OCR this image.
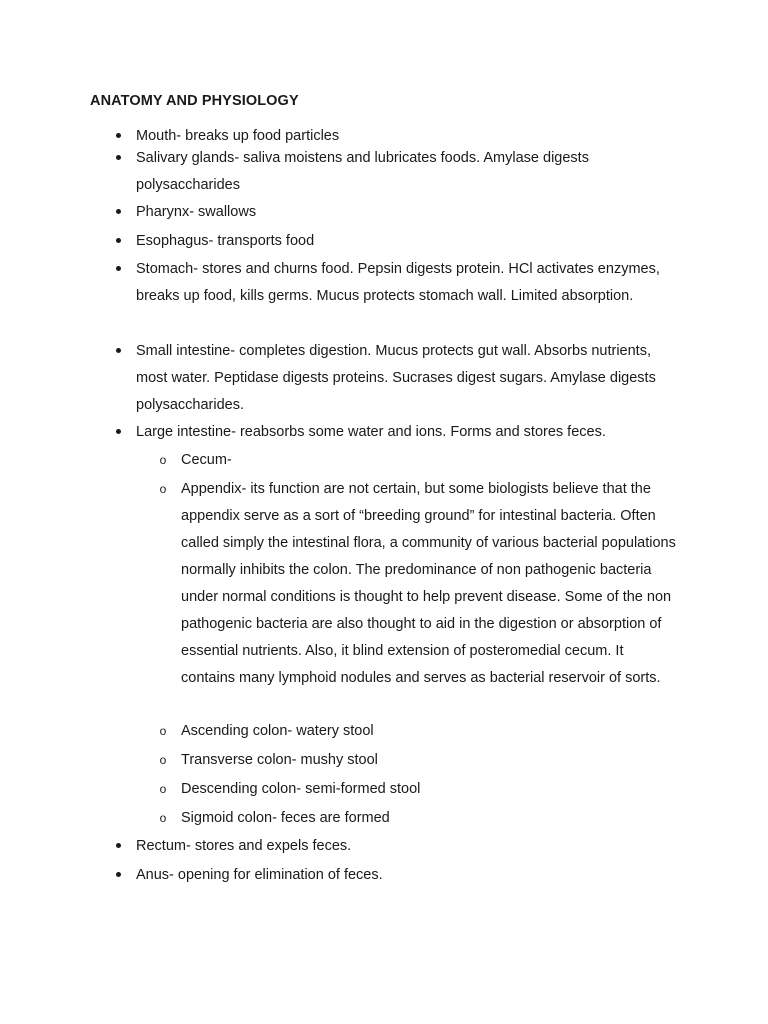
ANATOMY AND PHYSIOLOGY
Mouth- breaks up food particles
Salivary glands- saliva moistens and lubricates foods. Amylase digests polysaccharides
Pharynx- swallows
Esophagus- transports food
Stomach- stores and churns food. Pepsin digests protein. HCl activates enzymes, breaks up food, kills germs. Mucus protects stomach wall. Limited absorption.
Small intestine- completes digestion. Mucus protects gut wall. Absorbs nutrients, most water. Peptidase digests proteins. Sucrases digest sugars. Amylase digests polysaccharides.
Large intestine- reabsorbs some water and ions. Forms and stores feces.
o Cecum-
o Appendix- its function are not certain, but some biologists believe that the appendix serve as a sort of “breeding ground” for intestinal bacteria. Often called simply the intestinal flora, a community of various bacterial populations normally inhibits the colon. The predominance of non pathogenic bacteria under normal conditions is thought to help prevent disease. Some of the non pathogenic bacteria are also thought to aid in the digestion or absorption of essential nutrients. Also, it blind extension of posteromedial cecum. It contains many lymphoid nodules and serves as bacterial reservoir of sorts.
o Ascending colon- watery stool
o Transverse colon- mushy stool
o Descending colon- semi-formed stool
o Sigmoid colon- feces are formed
Rectum- stores and expels feces.
Anus- opening for elimination of feces.
